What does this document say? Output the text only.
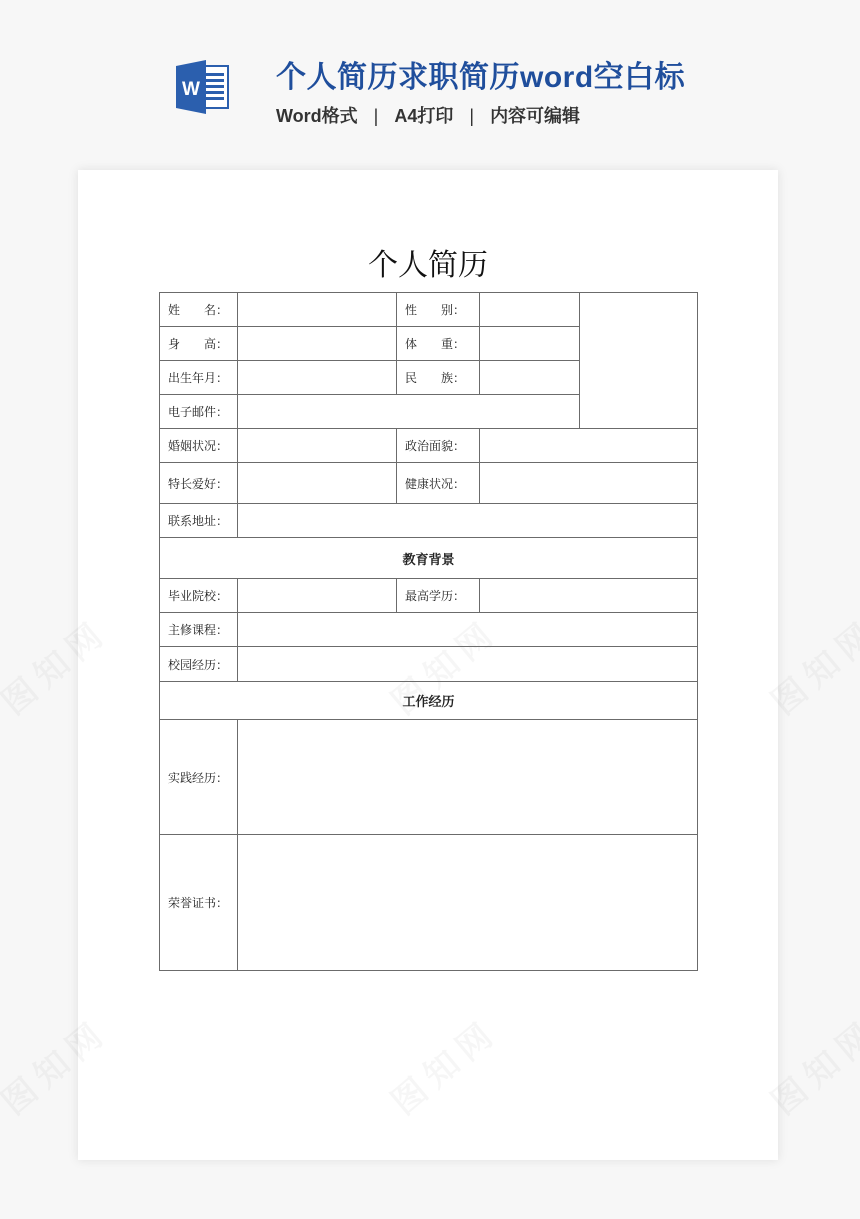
W	个人简历求职简历word空白标
Word格式 | A4打印 | 内容可编辑
个人简历
姓　　名：		性　　别：		
身　　高：		体　　重：		
出生年月：		民　　族：		
电子邮件：				
婚姻状况：		政治面貌：		
特长爱好：		健康状况：		
联系地址：				
教育背景				
毕业院校：		最高学历：		
主修课程：				
校园经历：				
工作经历				
实践经历：				
荣誉证书：				
